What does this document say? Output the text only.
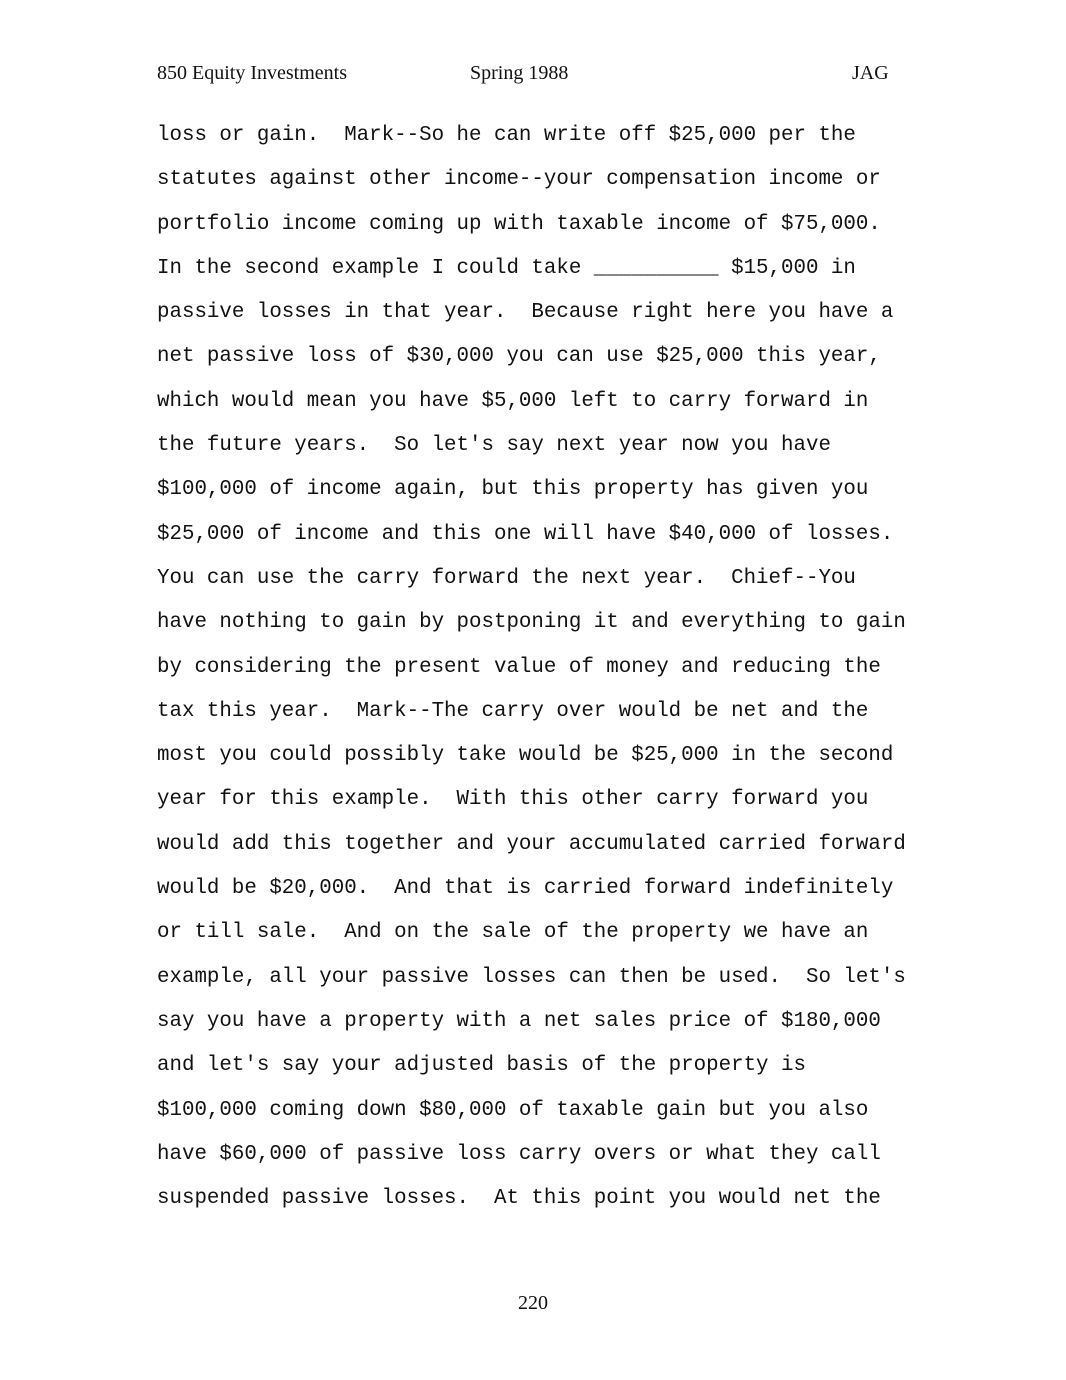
850 Equity Investments	Spring 1988	JAG
loss or gain.  Mark--So he can write off $25,000 per the
statutes against other income--your compensation income or
portfolio income coming up with taxable income of $75,000.
In the second example I could take __________ $15,000 in
passive losses in that year.  Because right here you have a
net passive loss of $30,000 you can use $25,000 this year,
which would mean you have $5,000 left to carry forward in
the future years.  So let's say next year now you have
$100,000 of income again, but this property has given you
$25,000 of income and this one will have $40,000 of losses.
You can use the carry forward the next year.  Chief--You
have nothing to gain by postponing it and everything to gain
by considering the present value of money and reducing the
tax this year.  Mark--The carry over would be net and the
most you could possibly take would be $25,000 in the second
year for this example.  With this other carry forward you
would add this together and your accumulated carried forward
would be $20,000.  And that is carried forward indefinitely
or till sale.  And on the sale of the property we have an
example, all your passive losses can then be used.  So let's
say you have a property with a net sales price of $180,000
and let's say your adjusted basis of the property is
$100,000 coming down $80,000 of taxable gain but you also
have $60,000 of passive loss carry overs or what they call
suspended passive losses.  At this point you would net the
220
